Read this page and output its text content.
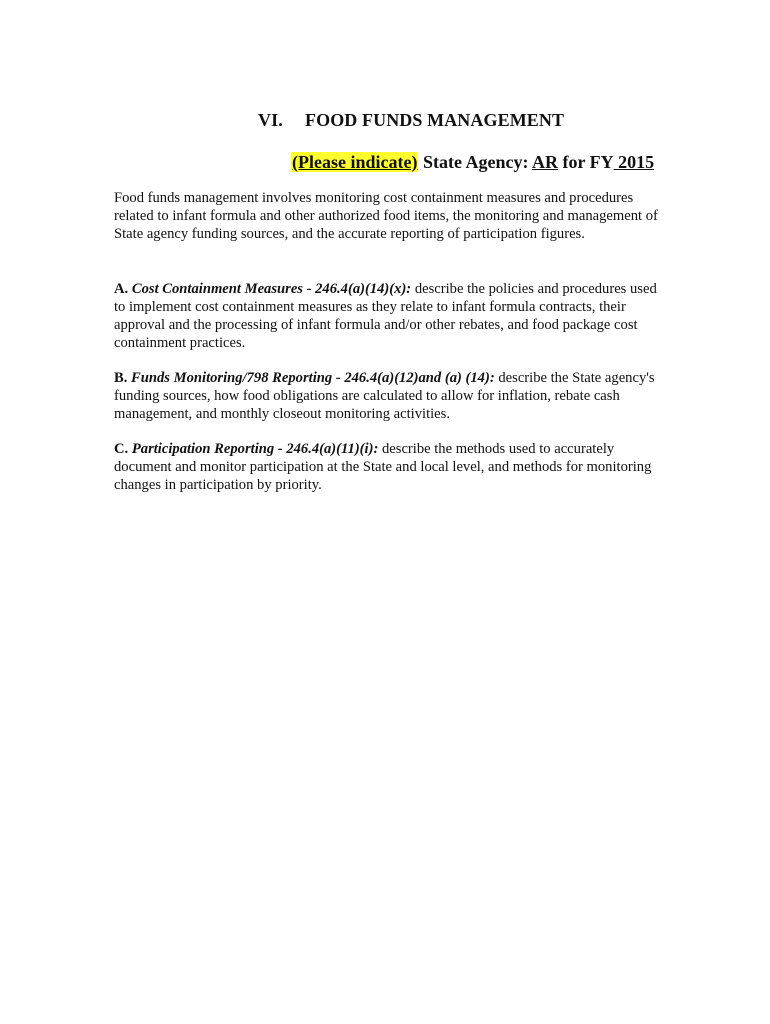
VI. FOOD FUNDS MANAGEMENT
(Please indicate) State Agency: AR for FY 2015
Food funds management involves monitoring cost containment measures and procedures related to infant formula and other authorized food items, the monitoring and management of State agency funding sources, and the accurate reporting of participation figures.
A. Cost Containment Measures - 246.4(a)(14)(x): describe the policies and procedures used to implement cost containment measures as they relate to infant formula contracts, their approval and the processing of infant formula and/or other rebates, and food package cost containment practices.
B. Funds Monitoring/798 Reporting - 246.4(a)(12)and (a) (14): describe the State agency's funding sources, how food obligations are calculated to allow for inflation, rebate cash management, and monthly closeout monitoring activities.
C. Participation Reporting - 246.4(a)(11)(i): describe the methods used to accurately document and monitor participation at the State and local level, and methods for monitoring changes in participation by priority.
